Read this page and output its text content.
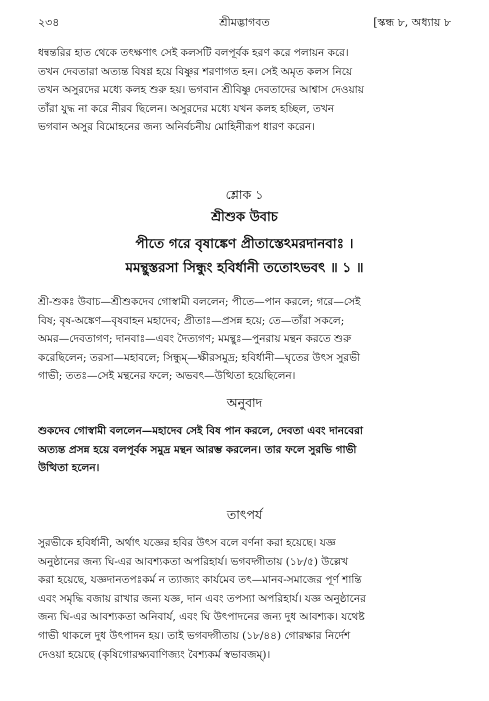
২৩৪	শ্রীমদ্ভাগবত	[স্কন্ধ ৮, অধ্যায় ৮
ধন্বন্তরির হাত থেকে তৎক্ষণাৎ সেই কলসটি বলপূর্বক হরণ করে পলায়ন করে।
তখন দেবতারা অত্যন্ত বিষণ্ণ হয়ে বিষ্ণুর শরণাগত হন। সেই অমৃত কলস নিয়ে
তখন অসুরদের মধ্যে কলহ শুরু হয়। ভগবান শ্রীবিষ্ণু দেবতাদের আশ্বাস দেওয়ায়
তাঁরা যুদ্ধ না করে নীরব ছিলেন। অসুরদের মধ্যে যখন কলহ হচ্ছিল, তখন
ভগবান অসুর বিমোহনের জন্য অনির্বচনীয় মোহিনীরূপ ধারণ করেন।
শ্লোক ১
শ্রীশুক উবাচ
পীতে গরে বৃষাঙ্কেণ প্রীতাস্তেঽমরদানবাঃ ।
মমন্থুস্তরসা সিন্ধুং হবির্ধানী ততোঽভবৎ ॥ ১ ॥
শ্রী-শুকঃ উবাচ—শ্রীশুকদেব গোস্বামী বললেন; পীতে—পান করলে; গরে—সেই
বিষ; বৃষ-অঙ্কেণ—বৃষবাহন মহাদেব; প্রীতাঃ—প্রসন্ন হয়ে; তে—তাঁরা সকলে;
অমর—দেবতাগণ; দানবাঃ—এবং দৈত্যগণ; মমন্থুঃ—পুনরায় মন্থন করতে শুরু
করেছিলেন; তরসা—মহাবলে; সিন্ধুম্—ক্ষীরসমুদ্র; হবির্ধানী—ঘৃতের উৎস সুরভী
গাভী; ততঃ—সেই মন্থনের ফলে; অভবৎ—উত্থিতা হয়েছিলেন।
অনুবাদ
শুকদেব গোস্বামী বললেন—মহাদেব সেই বিষ পান করলে, দেবতা এবং দানবেরা
অত্যন্ত প্রসন্ন হয়ে বলপূর্বক সমুদ্র মন্থন আরম্ভ করলেন। তার ফলে সুরভি গাভী
উত্থিতা হলেন।
তাৎপর্য
সুরভীকে হবির্ধানী, অর্থাৎ যজ্ঞের হবির উৎস বলে বর্ণনা করা হয়েছে। যজ্ঞ
অনুষ্ঠানের জন্য ঘি-এর আবশ্যকতা অপরিহার্য। ভগবদ্গীতায় (১৮/৫) উল্লেখ
করা হয়েছে, যজ্ঞদানতপঃকর্ম ন ত্যাজ্যং কার্যমেব তৎ—মানব-সমাজের পূর্ণ শান্তি
এবং সমৃদ্ধি বজায় রাখার জন্য যজ্ঞ, দান এবং তপস্যা অপরিহার্য। যজ্ঞ অনুষ্ঠানের
জন্য ঘি-এর আবশ্যকতা অনিবার্য, এবং ঘি উৎপাদনের জন্য দুধ আবশ্যক। যথেষ্ট
গাভী থাকলে দুধ উৎপাদন হয়। তাই ভগবদ্গীতায় (১৮/৪৪) গোরক্ষার নির্দেশ
দেওয়া হয়েছে (কৃষিগোরক্ষ্যবাণিজ্যং বৈশ্যকর্ম স্বভাবজম্)।
